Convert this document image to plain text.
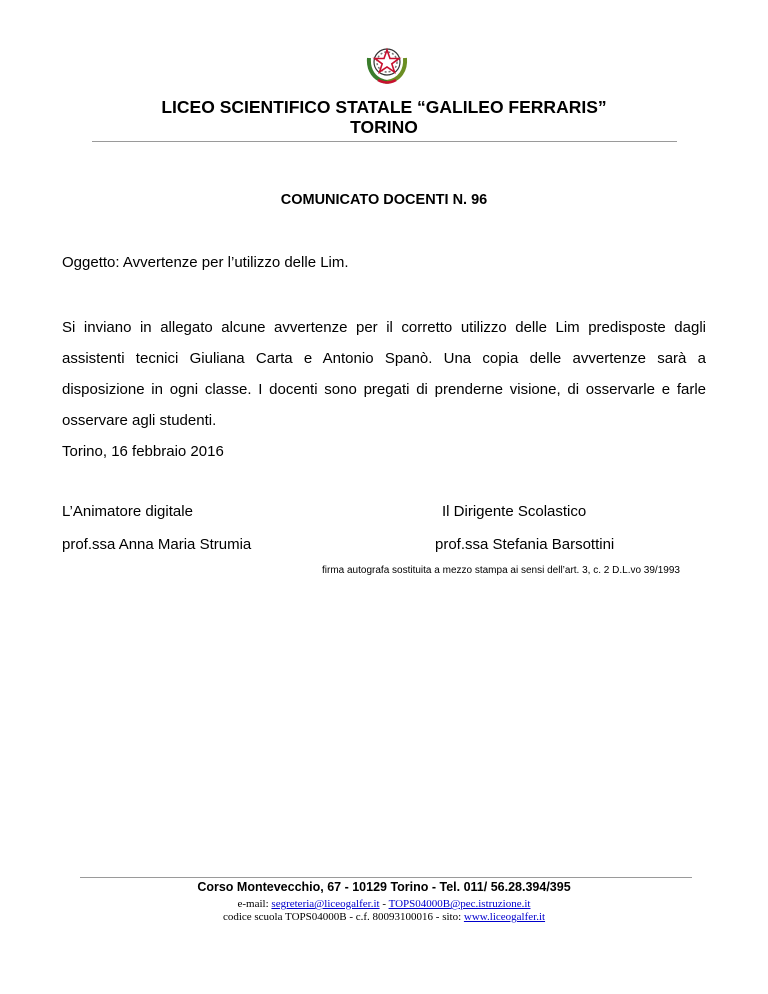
LICEO SCIENTIFICO STATALE “GALILEO FERRARIS”
TORINO
COMUNICATO DOCENTI N. 96
Oggetto: Avvertenze per l’utilizzo delle Lim.

Si inviano in allegato alcune avvertenze per il corretto utilizzo delle Lim predisposte dagli assistenti tecnici Giuliana Carta e Antonio Spanò. Una copia delle avvertenze sarà a disposizione in ogni classe. I docenti sono pregati di prenderne visione, di osservarle e farle osservare agli studenti.

Torino, 16 febbraio 2016
L’Animatore digitale
prof.ssa Anna Maria Strumia
Il Dirigente Scolastico
prof.ssa Stefania Barsottini
firma autografa sostituita a mezzo stampa ai sensi dell’art. 3, c. 2 D.L.vo 39/1993
Corso Montevecchio, 67 - 10129 Torino - Tel. 011/ 56.28.394/395
e-mail: segreteria@liceogalfer.it - TOPS04000B@pec.istruzione.it
codice scuola TOPS04000B - c.f. 80093100016 - sito: www.liceogalfer.it
